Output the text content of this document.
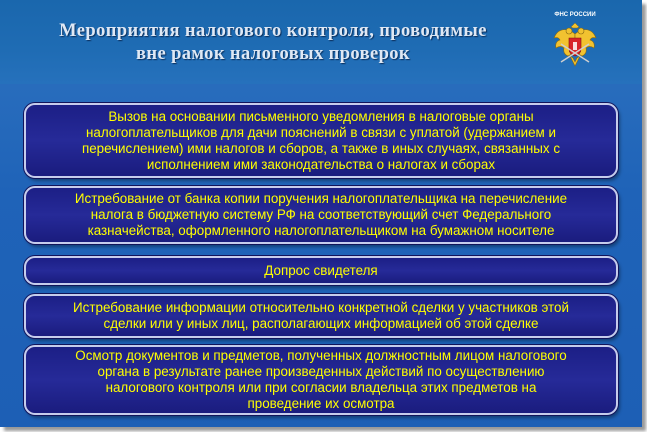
Мероприятия налогового контроля, проводимые
вне рамок налоговых проверок
ФНС РОССИИ
Вызов на основании письменного уведомления в налоговые органы
налогоплательщиков для дачи пояснений в связи с уплатой (удержанием и
перечислением) ими налогов и сборов, а также в иных случаях, связанных с
исполнением ими законодательства о налогах и сборах
Истребование от банка копии поручения налогоплательщика на перечисление
налога в бюджетную систему РФ на соответствующий счет Федерального
казначейства, оформленного налогоплательщиком на бумажном носителе
Допрос свидетеля
Истребование информации относительно конкретной сделки у участников этой
сделки или у иных лиц, располагающих информацией об этой сделке
Осмотр документов и предметов, полученных должностным лицом налогового
органа в результате ранее произведенных действий по осуществлению
налогового контроля или при согласии владельца этих предметов на
проведение их осмотра
